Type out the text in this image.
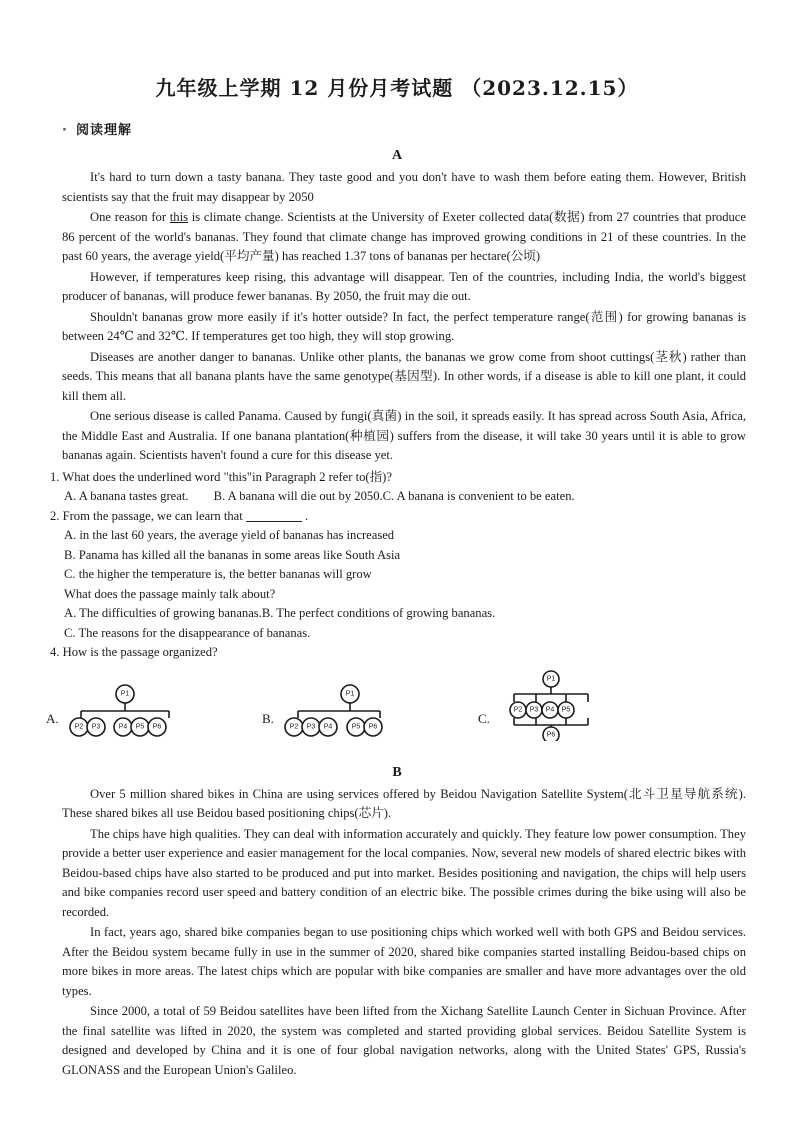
九年级上学期 12 月份月考试题 （2023.12.15）
· 阅读理解
A

It's hard to turn down a tasty banana. They taste good and you don't have to wash them before eating them. However, British scientists say that the fruit may disappear by 2050

One reason for this is climate change. Scientists at the University of Exeter collected data(数据) from 27 countries that produce 86 percent of the world's bananas. They found that climate change has improved growing conditions in 21 of these countries. In the past 60 years, the average yield(平均产量) has reached 1.37 tons of bananas per hectare(公顷)

However, if temperatures keep rising, this advantage will disappear. Ten of the countries, including India, the world's biggest producer of bananas, will produce fewer bananas. By 2050, the fruit may die out.

Shouldn't bananas grow more easily if it's hotter outside? In fact, the perfect temperature range(范围) for growing bananas is between 24℃ and 32℃. If temperatures get too high, they will stop growing.

Diseases are another danger to bananas. Unlike other plants, the bananas we grow come from shoot cuttings(茎秋) rather than seeds. This means that all banana plants have the same genotype(基因型). In other words, if a disease is able to kill one plant, it could kill them all.

One serious disease is called Panama. Caused by fungi(真菌) in the soil, it spreads easily. It has spread across South Asia, Africa, the Middle East and Australia. If one banana plantation(种植园) suffers from the disease, it will take 30 years until it is able to grow bananas again. Scientists haven't found a cure for this disease yet.

1. What does the underlined word "this"in Paragraph 2 refer to(指)?
A. A banana tastes great.        B. A banana will die out by 2050.C. A banana is convenient to be eaten.
2. From the passage, we can learn that	.
A. in the last 60 years, the average yield of bananas has increased
B. Panama has killed all the bananas in some areas like South Asia
C. the higher the temperature is, the better bananas will grow
What does the passage mainly talk about?
A. The difficulties of growing bananas.B. The perfect conditions of growing bananas.
C. The reasons for the disappearance of bananas.
4. How is the passage organized?
A.
P1
P2 P3	P4 P5 P6
B.
P1
P2 P3 P4	P5 P6
C.
P1
P2 P3 P4 P5
P6
B

Over 5 million shared bikes in China are using services offered by Beidou Navigation Satellite System(北斗卫星导航系统). These shared bikes all use Beidou based positioning chips(芯片).

The chips have high qualities. They can deal with information accurately and quickly. They feature low power consumption. They provide a better user experience and easier management for the local companies. Now, several new models of shared electric bikes with Beidou-based chips have also started to be produced and put into market. Besides positioning and navigation, the chips will help users and bike companies record user speed and battery condition of an electric bike. The possible crimes during the bike using will also be recorded.

In fact, years ago, shared bike companies began to use positioning chips which worked well with both GPS and Beidou services. After the Beidou system became fully in use in the summer of 2020, shared bike companies started installing Beidou-based chips on more bikes in more areas. The latest chips which are popular with bike companies are smaller and have more advantages over the old types.

Since 2000, a total of 59 Beidou satellites have been lifted from the Xichang Satellite Launch Center in Sichuan Province. After the final satellite was lifted in 2020, the system was completed and started providing global services. Beidou Satellite System is designed and developed by China and it is one of four global navigation networks, along with the United States' GPS, Russia's GLONASS and the European Union's Galileo.
